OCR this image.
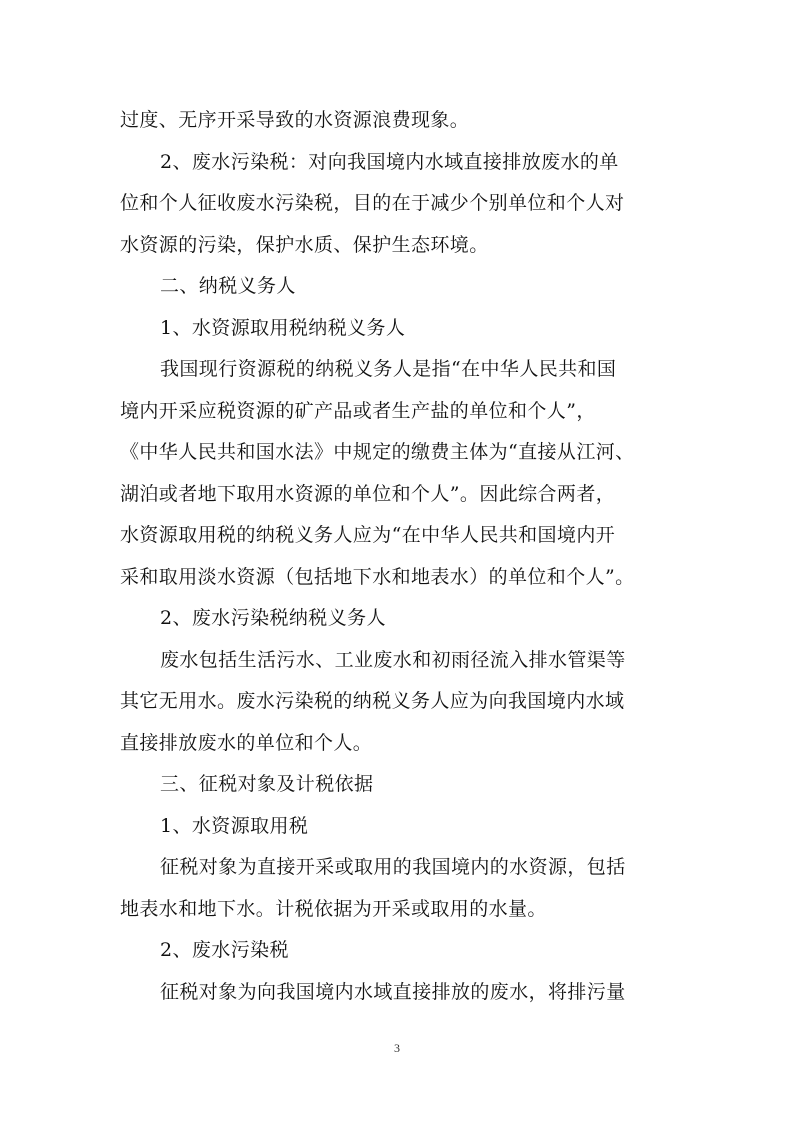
过度、无序开采导致的水资源浪费现象。
2、废水污染税：对向我国境内水域直接排放废水的单
位和个人征收废水污染税，目的在于减少个别单位和个人对
水资源的污染，保护水质、保护生态环境。
二、纳税义务人
1、水资源取用税纳税义务人
我国现行资源税的纳税义务人是指“在中华人民共和国
境内开采应税资源的矿产品或者生产盐的单位和个人”，
《中华人民共和国水法》中规定的缴费主体为“直接从江河、
湖泊或者地下取用水资源的单位和个人”。因此综合两者，
水资源取用税的纳税义务人应为“在中华人民共和国境内开
采和取用淡水资源（包括地下水和地表水）的单位和个人”。
2、废水污染税纳税义务人
废水包括生活污水、工业废水和初雨径流入排水管渠等
其它无用水。废水污染税的纳税义务人应为向我国境内水域
直接排放废水的单位和个人。
三、征税对象及计税依据
1、水资源取用税
征税对象为直接开采或取用的我国境内的水资源，包括
地表水和地下水。计税依据为开采或取用的水量。
2、废水污染税
征税对象为向我国境内水域直接排放的废水，将排污量
3
